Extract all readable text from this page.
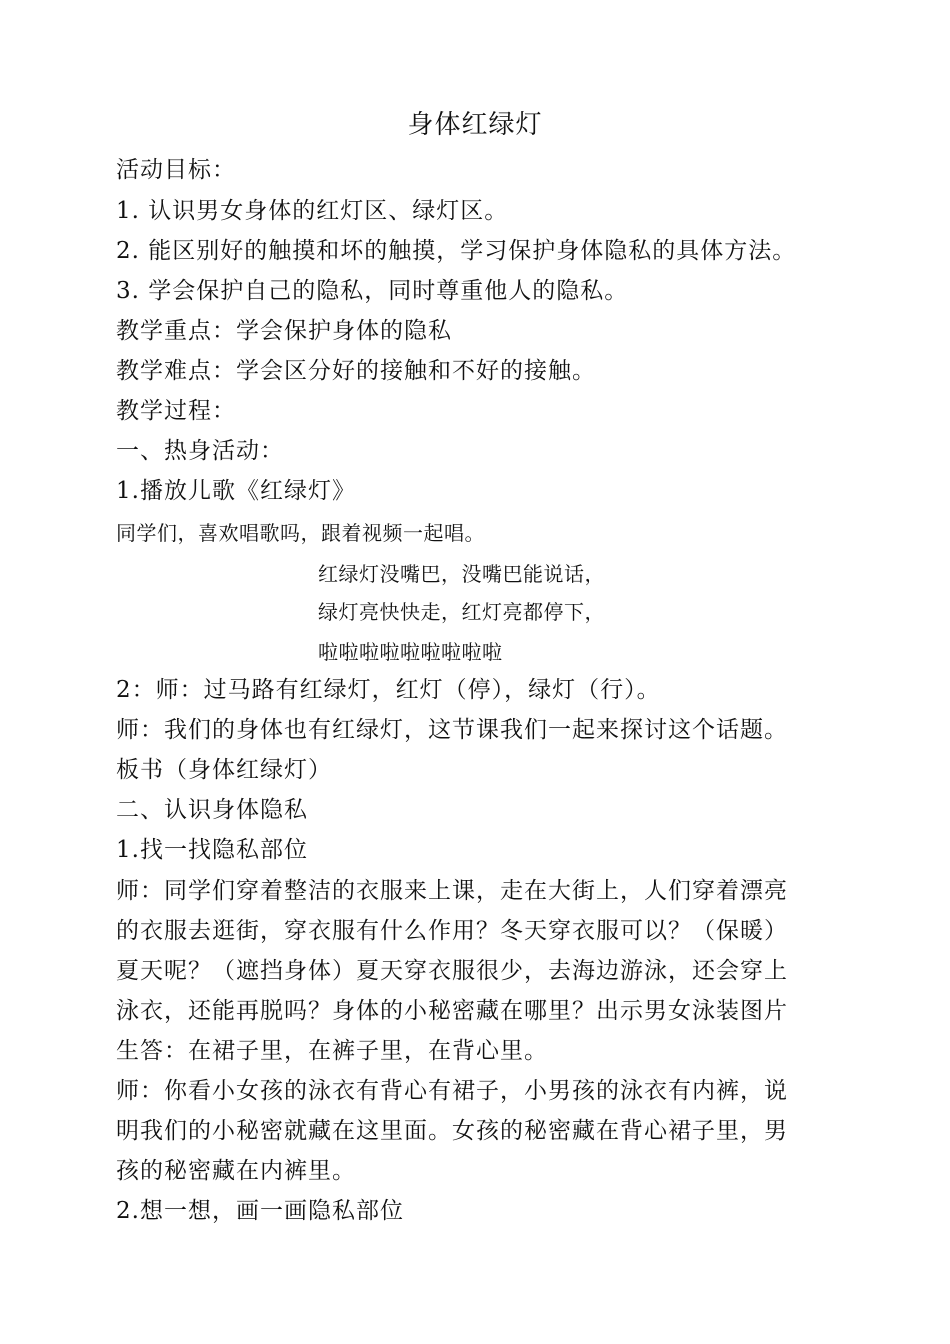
身体红绿灯
活动目标：
1. 认识男女身体的红灯区、绿灯区。
2. 能区别好的触摸和坏的触摸，学习保护身体隐私的具体方法。
3. 学会保护自己的隐私，同时尊重他人的隐私。
教学重点：学会保护身体的隐私
教学难点：学会区分好的接触和不好的接触。
教学过程：
一、热身活动：
1.播放儿歌《红绿灯》
同学们，喜欢唱歌吗，跟着视频一起唱。
红绿灯没嘴巴，没嘴巴能说话，
绿灯亮快快走，红灯亮都停下，
啦啦啦啦啦啦啦啦啦
2：师：过马路有红绿灯，红灯（停），绿灯（行）。
师：我们的身体也有红绿灯，这节课我们一起来探讨这个话题。
板书（身体红绿灯）
二、认识身体隐私
1.找一找隐私部位
师：同学们穿着整洁的衣服来上课，走在大街上，人们穿着漂亮
的衣服去逛街，穿衣服有什么作用？冬天穿衣服可以？（保暖）
夏天呢？（遮挡身体）夏天穿衣服很少，去海边游泳，还会穿上
泳衣，还能再脱吗？身体的小秘密藏在哪里？出示男女泳装图片
生答：在裙子里，在裤子里，在背心里。
师：你看小女孩的泳衣有背心有裙子，小男孩的泳衣有内裤，说
明我们的小秘密就藏在这里面。女孩的秘密藏在背心裙子里，男
孩的秘密藏在内裤里。
2.想一想，画一画隐私部位
